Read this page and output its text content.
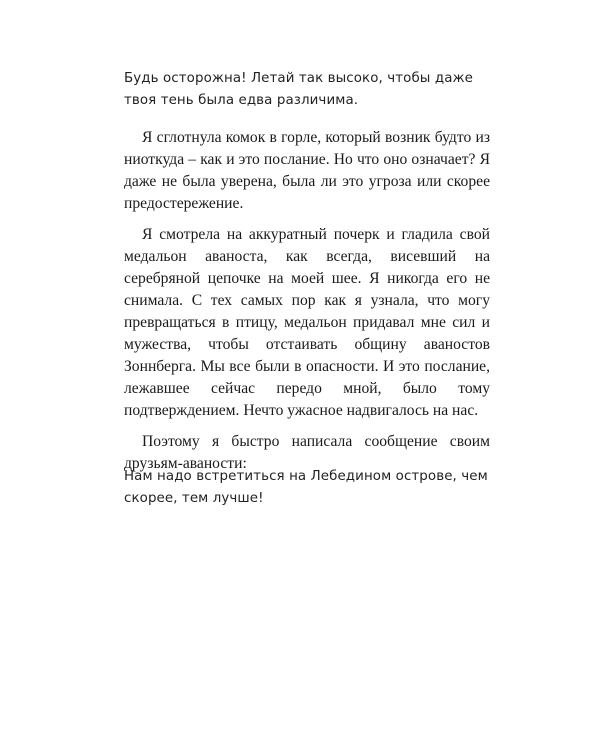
Будь осторожна! Летай так высоко, чтобы даже твоя тень была едва различима.

Я сглотнула комок в горле, который возник будто из ниоткуда – как и это послание. Но что оно означает? Я даже не была уверена, была ли это угроза или скорее предостережение.

Я смотрела на аккуратный почерк и гладила свой медальон аваноста, как всегда, висевший на серебряной цепочке на моей шее. Я никогда его не снимала. С тех самых пор как я узнала, что могу превращаться в птицу, медальон придавал мне сил и мужества, чтобы отстаивать общину аваностов Зоннберга. Мы все были в опасности. И это послание, лежавшее сейчас передо мной, было тому подтверждением. Нечто ужасное надвигалось на нас.

Поэтому я быстро написала сообщение своим друзьям-аваности:

Нам надо встретиться на Лебедином острове, чем скорее, тем лучше!
